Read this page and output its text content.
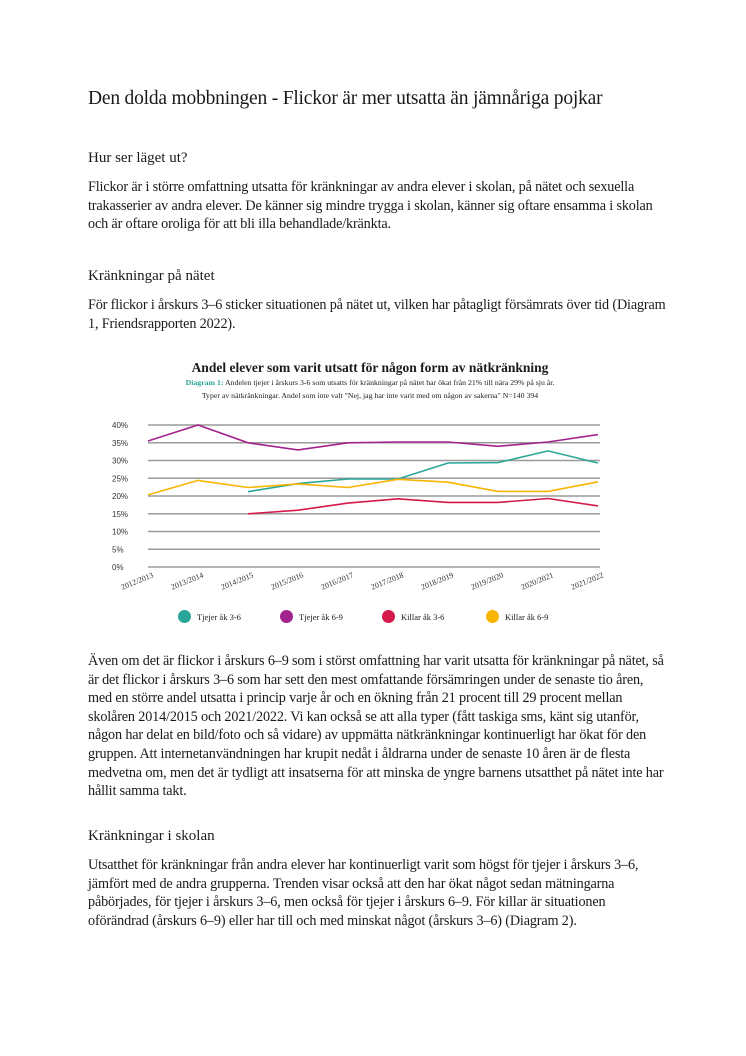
Den dolda mobbningen - Flickor är mer utsatta än jämnåriga pojkar
Hur ser läget ut?
Flickor är i större omfattning utsatta för kränkningar av andra elever i skolan, på nätet och sexuella trakasserier av andra elever. De känner sig mindre trygga i skolan, känner sig oftare ensamma i skolan och är oftare oroliga för att bli illa behandlade/kränkta.
Kränkningar på nätet
För flickor i årskurs 3–6 sticker situationen på nätet ut, vilken har påtagligt försämrats över tid (Diagram 1, Friendsrapporten 2022).
Även om det är flickor i årskurs 6–9 som i störst omfattning har varit utsatta för kränkningar på nätet, så är det flickor i årskurs 3–6 som har sett den mest omfattande försämringen under de senaste tio åren, med en större andel utsatta i princip varje år och en ökning från 21 procent till 29 procent mellan skolåren 2014/2015 och 2021/2022. Vi kan också se att alla typer (fått taskiga sms, känt sig utanför, någon har delat en bild/foto och så vidare) av uppmätta nätkränkningar kontinuerligt har ökat för den gruppen. Att internetanvändningen har krupit nedåt i åldrarna under de senaste 10 åren är de flesta medvetna om, men det är tydligt att insatserna för att minska de yngre barnens utsatthet på nätet inte har hållit samma takt.
Kränkningar i skolan
Utsatthet för kränkningar från andra elever har kontinuerligt varit som högst för tjejer i årskurs 3–6, jämfört med de andra grupperna. Trenden visar också att den har ökat något sedan mätningarna påbörjades, för tjejer i årskurs 3–6, men också för tjejer i årskurs 6–9. För killar är situationen oförändrad (årskurs 6–9) eller har till och med minskat något (årskurs 3–6) (Diagram 2).
Andel elever som varit utsatt för någon form av nätkränkning
Diagram 1: Andelen tjejer i årskurs 3-6 som utsatts för kränkningar på nätet har ökat från 21% till nära 29% på sju år.
Typer av nätkränkningar. Andel som inte valt "Nej, jag har inte varit med om någon av sakerna" N=140 394
0%
5%
10%
15%
20%
25%
30%
35%
40%
2012/2013 2013/2014 2014/2015 2015/2016 2016/2017 2017/2018 2018/2019 2019/2020 2020/2021 2021/2022
Tjejer åk 3-6	Tjejer åk 6-9	Killar åk 3-6	Killar åk 6-9
